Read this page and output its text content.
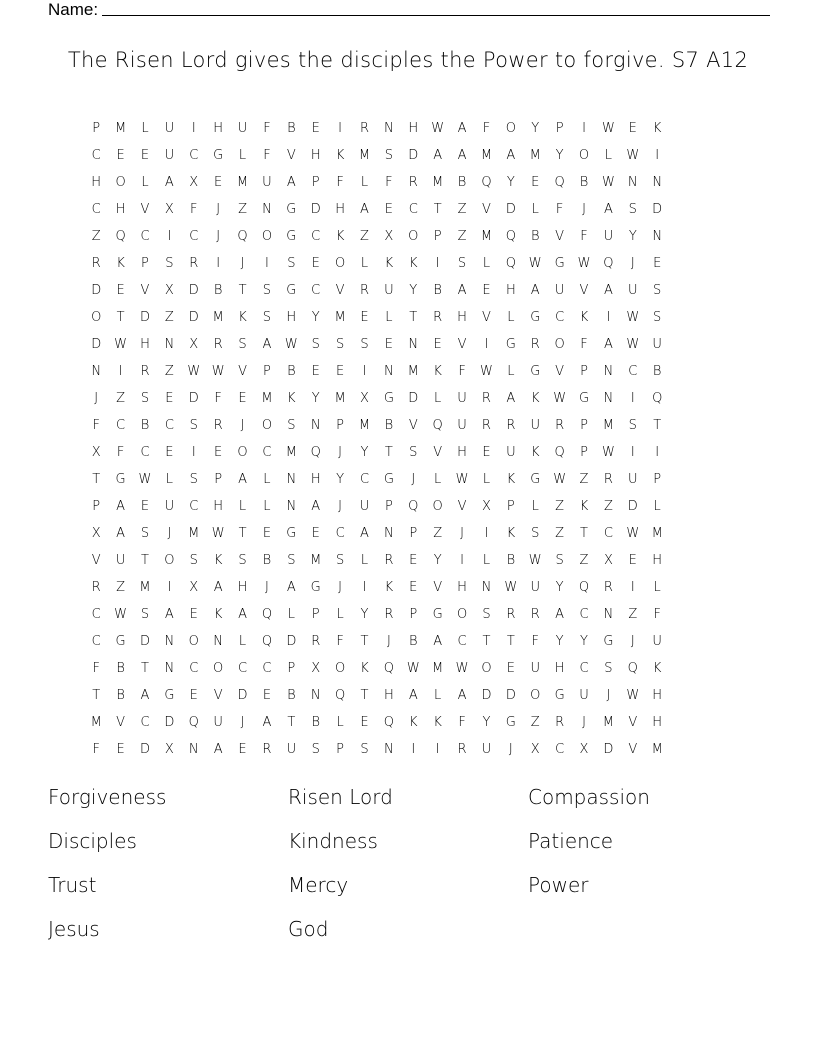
Name:
The Risen Lord gives the disciples the Power to forgive. S7 A12
P	M	L	U	I	H	U	F	B	E	I	R	N	H	W	A	F	O	Y	P	I	W	E	K
C	E	E	U	C	G	L	F	V	H	K	M	S	D	A	A	M	A	M	Y	O	L	W	I
H	O	L	A	X	E	M	U	A	P	F	L	F	R	M	B	Q	Y	E	Q	B	W	N	N
C	H	V	X	F	J	Z	N	G	D	H	A	E	C	T	Z	V	D	L	F	J	A	S	D
Z	Q	C	I	C	J	Q	O	G	C	K	Z	X	O	P	Z	M	Q	B	V	F	U	Y	N
R	K	P	S	R	I	J	I	S	E	O	L	K	K	I	S	L	Q W G W Q	J	E
D	E	V	X	D	B	T	S	G	C	V	R	U	Y	B	A	E	H	A	U	V	A	U	S
O	T	D	Z	D	M	K	S	H	Y	M	E	L	T	R	H	V	L	G	C	K	I	W	S
D W	H	N	X	R	S	A	W	S	S	S	E	N	E	V	I	G	R	O	F	A	W	U
N	I	R	Z	W W	V	P	B	E	E	I	N	M	K	F	W	L	G	V	P	N	C	B
J	Z	S	E	D	F	E	M	K	Y	M	X	G	D	L	U	R	A	K	W G	N	I	Q
F	C	B	C	S	R	J	O	S	N	P	M	B	V	Q	U	R	R	U	R	P	M	S	T
X	F	C	E	I	E	O	C	M	Q	J	Y	T	S	V	H	E	U	K	Q	P	W	I	I
T	G W	L	S	P	A	L	N	H	Y	C	G	J	L	W	L	K	G W	Z	R	U	P
P	A	E	U	C	H	L	L	N	A	J	U	P	Q	O	V	X	P	L	Z	K	Z	D	L
X	A	S	J	M W	T	E	G	E	C	A	N	P	Z	J	I	K	S	Z	T	C	W M
V	U	T	O	S	K	S	B	S	M	S	L	R	E	Y	I	L	B	W	S	Z	X	E	H
R	Z	M	I	X	A	H	J	A	G	J	I	K	E	V	H	N	W	U	Y	Q	R	I	L
C	W	S	A	E	K	A	Q	L	P	L	Y	R	P	G	O	S	R	R	A	C	N	Z	F
C	G	D	N	O	N	L	Q	D	R	F	T	J	B	A	C	T	T	F	Y	Y	G	J	U
F	B	T	N	C	O	C	C	P	X	O	K	Q W M W O	E	U	H	C	S	Q	K
T	B	A	G	E	V	D	E	B	N	Q	T	H	A	L	A	D	D	O	G	U	J	W	H
M	V	C	D	Q	U	J	A	T	B	L	E	Q	K	K	F	Y	G	Z	R	J	M	V	H
F	E	D	X	N	A	E	R	U	S	P	S	N	I	I	R	U	J	X	C	X	D	V	M
Forgiveness	Risen Lord	Compassion
Disciples	Kindness	Patience
Trust	Mercy	Power
Jesus	God
